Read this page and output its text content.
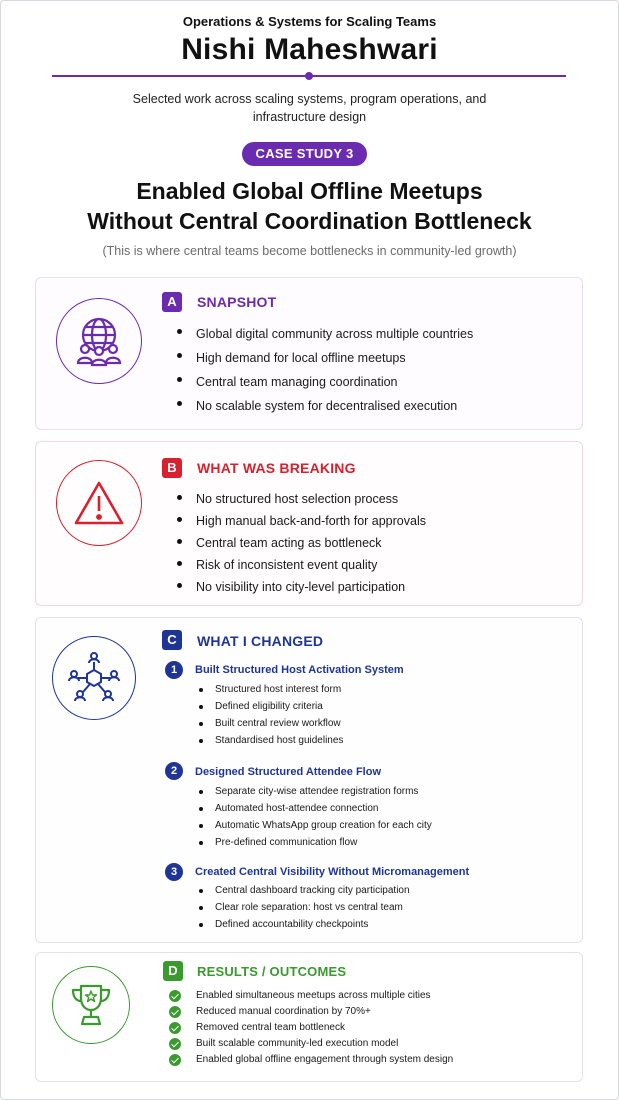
Operations & Systems for Scaling Teams
Nishi Maheshwari
Selected work across scaling systems, program operations, and infrastructure design
CASE STUDY 3
Enabled Global Offline Meetups
Without Central Coordination Bottleneck
(This is where central teams become bottlenecks in community-led growth)
A	SNAPSHOT
Global digital community across multiple countries
High demand for local offline meetups
Central team managing coordination
No scalable system for decentralised execution
B	WHAT WAS BREAKING
No structured host selection process
High manual back-and-forth for approvals
Central team acting as bottleneck
Risk of inconsistent event quality
No visibility into city-level participation
C	WHAT I CHANGED
1	Built Structured Host Activation System
Structured host interest form
Defined eligibility criteria
Built central review workflow
Standardised host guidelines
2	Designed Structured Attendee Flow
Separate city-wise attendee registration forms
Automated host-attendee connection
Automatic WhatsApp group creation for each city
Pre-defined communication flow
3	Created Central Visibility Without Micromanagement
Central dashboard tracking city participation
Clear role separation: host vs central team
Defined accountability checkpoints
D	RESULTS / OUTCOMES
Enabled simultaneous meetups across multiple cities
Reduced manual coordination by 70%+
Removed central team bottleneck
Built scalable community-led execution model
Enabled global offline engagement through system design
